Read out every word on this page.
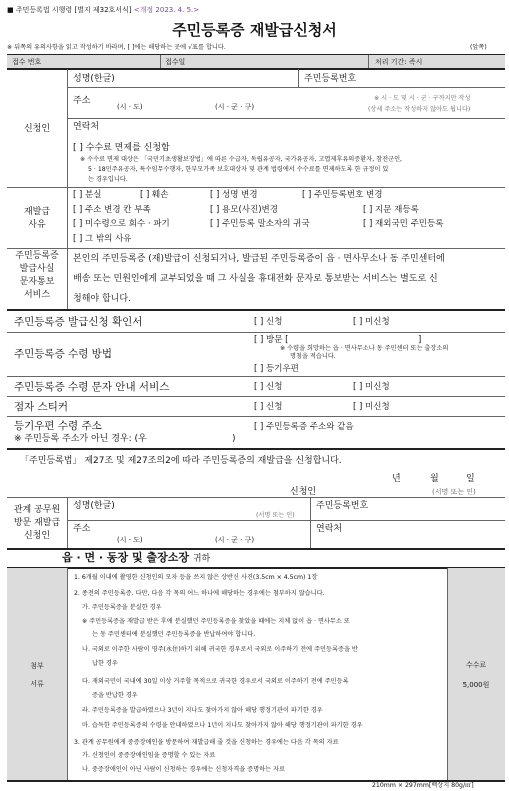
■ 주민등록법 시행령 [별지 제32호서식] <개정 2023. 4. 5.>
주민등록증 재발급신청서
※ 뒤쪽의 유의사항을 읽고 작성하기 바라며, [ ]에는 해당하는 곳에 √표를 합니다.	(앞쪽)
접수 번호	접수일	처리 기간: 즉시
신청인
성명(한글)	주민등록번호
주소
(시 · 도)	(시 · 군 · 구)
※ 시 · 도 및 시 · 군 · 구까지만 작성
(상세 주소는 작성하지 않아도 됩니다)
연락처
[ ] 수수료 면제를 신청함
※ 수수료 면제 대상은 「국민기초생활보장법」에 따른 수급자, 독립유공자, 국가유공자, 고엽제후유의증환자, 참전군인,
5 · 18민주유공자, 특수임무수행자, 한부모가족 보호대상자 및 관계 법령에서 수수료를 면제하도록 한 규정이 있
는 경우입니다.
재발급
사유
[ ] 분실	[ ] 훼손	[ ] 성명 변경	[ ] 주민등록번호 변경
[ ] 주소 변경 칸 부족	[ ] 용모(사진)변경	[ ] 지문 재등록
[ ] 미수령으로 회수 · 파기	[ ] 주민등록 말소자의 귀국	[ ] 재외국민 주민등록
[ ] 그 밖의 사유
주민등록증
발급사실
문자통보
서비스
본인의 주민등록증 (재)발급이 신청되거나, 발급된 주민등록증이 읍 · 면사무소나 동 주민센터에
배송 또는 민원인에게 교부되었을 때 그 사실을 휴대전화 문자로 통보받는 서비스는 별도로 신
청해야 합니다.
주민등록증 발급신청 확인서	[ ] 신청	[ ] 미신청
주민등록증 수령 방법
[ ] 방문 [	]
※ 수령을 희망하는 읍 · 면사무소나 동 주민센터 또는 출장소의
명칭을 적습니다.
[ ] 등기우편
주민등록증 수령 문자 안내 서비스	[ ] 신청	[ ] 미신청
점자 스티커	[ ] 신청	[ ] 미신청
등기우편 수령 주소
※ 주민등록 주소가 아닌 경우: (우	)
[ ] 주민등록증 주소와 같음
「주민등록법」 제27조 및 제27조의2에 따라 주민등록증의 재발급을 신청합니다.
년	월	일
신청인	(서명 또는 인)
관계 공무원
방문 재발급
신청인
성명(한글)
(서명 또는 인)
주민등록번호
주소
(시 · 도)	(시 · 군 · 구)
연락처
읍 · 면 · 동장 및 출장소장 귀하
첨부
서류
1. 6개월 이내에 촬영한 신청인의 모자 등을 쓰지 않은 상반신 사진(3.5cm × 4.5cm) 1장
2. 종전의 주민등록증. 다만, 다음 각 목의 어느 하나에 해당하는 경우에는 첨부하지 않습니다.
가. 주민등록증을 분실한 경우
※ 주민등록증을 재발급 받은 후에 분실했던 주민등록증을 찾았을 때에는 지체 없이 읍 · 면사무소 또
는 동 주민센터에 분실했던 주민등록증을 반납하여야 합니다.
나. 국외로 이주한 사람이 영주(永住)하기 위해 귀국한 경우로서 국외로 이주하기 전에 주민등록증을 반
납한 경우
다. 재외국민이 국내에 30일 이상 거주할 목적으로 귀국한 경우로서 국외로 이주하기 전에 주민등록
증을 반납한 경우
라. 주민등록증을 발급하였으나 3년이 지나도 찾아가지 않아 해당 행정기관이 파기한 경우
마. 습득한 주민등록증의 수령을 안내하였으나 1년이 지나도 찾아가지 않아 해당 행정기관이 파기한 경우
3. 관계 공무원에게 중증장애인을 방문하여 재발급해 줄 것을 신청하는 경우에는 다음 각 목의 자료
가. 신청인이 중증장애인임을 증명할 수 있는 자료
나. 중증장애인이 아닌 사람이 신청하는 경우에는 신청자격을 증명하는 자료
수수료
5,000원
210mm × 297mm[백상지 80g/㎡]
